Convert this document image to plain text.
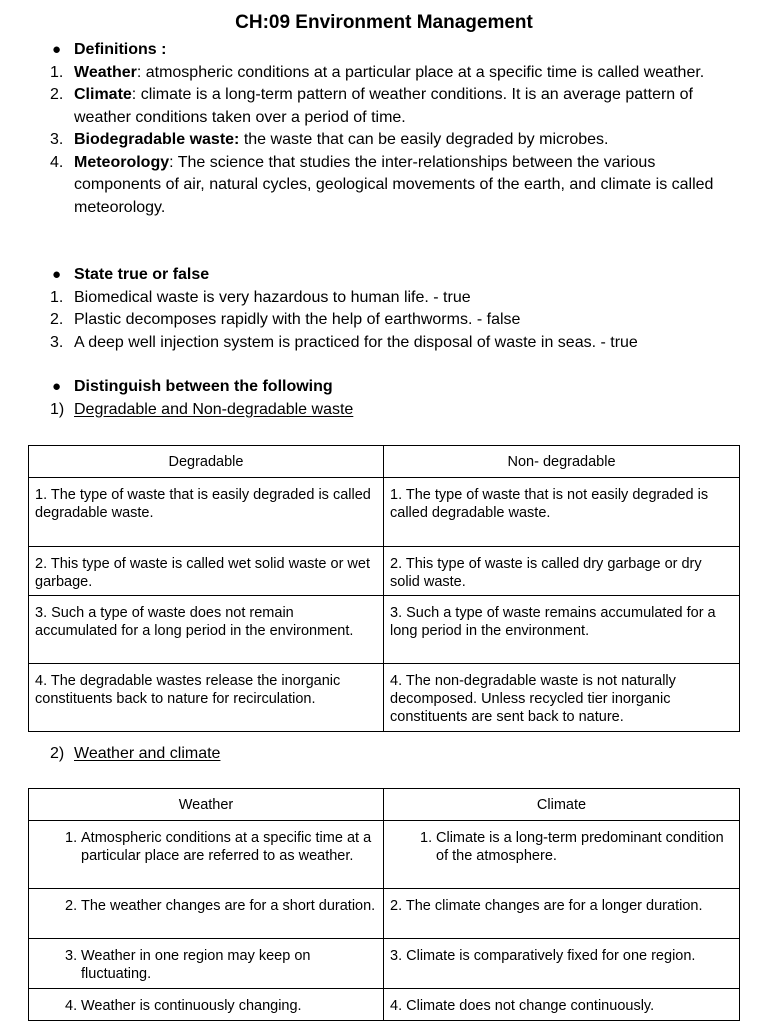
CH:09 Environment Management
● Definitions :
1. Weather: atmospheric conditions at a particular place at a specific time is called weather.
2. Climate: climate is a long-term pattern of weather conditions. It is an average pattern of weather conditions taken over a period of time.
3. Biodegradable waste: the waste that can be easily degraded by microbes.
4. Meteorology: The science that studies the inter-relationships between the various components of air, natural cycles, geological movements of the earth, and climate is called meteorology.
● State true or false
1. Biomedical waste is very hazardous to human life. - true
2. Plastic decomposes rapidly with the help of earthworms. - false
3. A deep well injection system is practiced for the disposal of waste in seas. - true
● Distinguish between the following
1) Degradable and Non-degradable waste
Degradable	Non- degradable
1. The type of waste that is easily degraded is called degradable waste.	1. The type of waste that is not easily degraded is called degradable waste.
2. This type of waste is called wet solid waste or wet garbage.	2. This type of waste is called dry garbage or dry solid waste.
3. Such a type of waste does not remain accumulated for a long period in the environment.	3. Such a type of waste remains accumulated for a long period in the environment.
4. The degradable wastes release the inorganic constituents back to nature for recirculation.	4. The non-degradable waste is not naturally decomposed. Unless recycled tier inorganic constituents are sent back to nature.
2) Weather and climate
Weather	Climate

1. Atmospheric conditions at a specific time at a particular place are referred to as weather.	1. Climate is a long-term predominant condition of the atmosphere.

2. The weather changes are for a short duration.	2. The climate changes are for a longer duration.

3. Weather in one region may keep on fluctuating.	3. Climate is comparatively fixed for one region.

4. Weather is continuously changing.	4. Climate does not change continuously.
